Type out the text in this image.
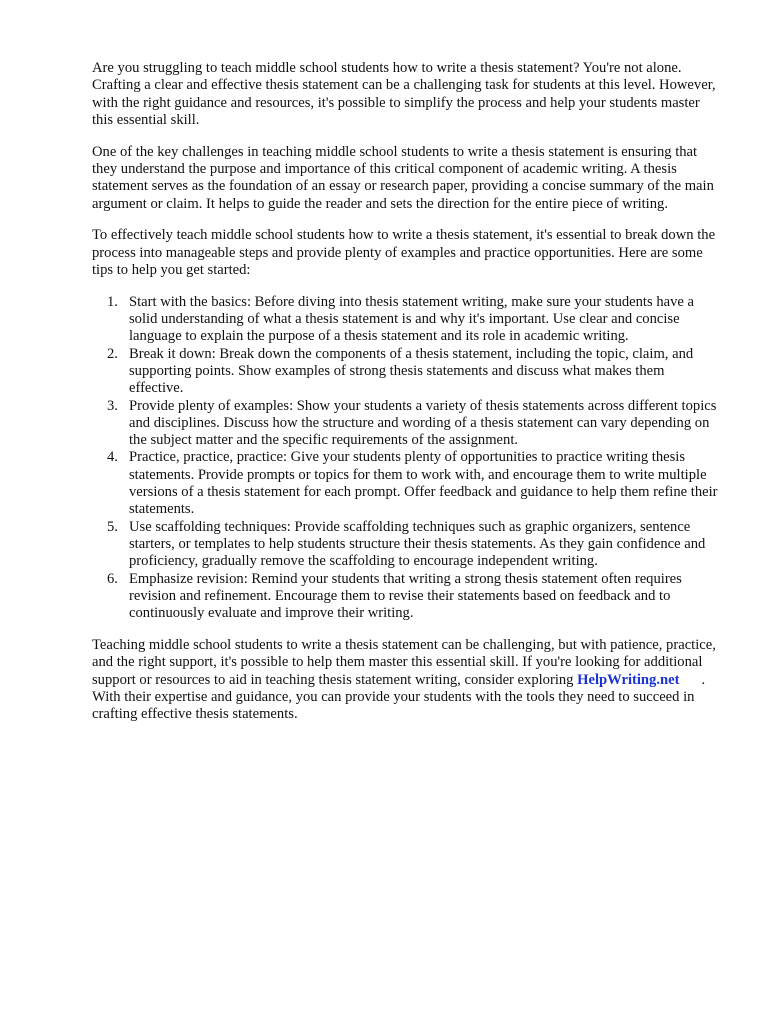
Are you struggling to teach middle school students how to write a thesis statement? You're not alone. Crafting a clear and effective thesis statement can be a challenging task for students at this level. However, with the right guidance and resources, it's possible to simplify the process and help your students master this essential skill.

One of the key challenges in teaching middle school students to write a thesis statement is ensuring that they understand the purpose and importance of this critical component of academic writing. A thesis statement serves as the foundation of an essay or research paper, providing a concise summary of the main argument or claim. It helps to guide the reader and sets the direction for the entire piece of writing.

To effectively teach middle school students how to write a thesis statement, it's essential to break down the process into manageable steps and provide plenty of examples and practice opportunities. Here are some tips to help you get started:

1. Start with the basics: Before diving into thesis statement writing, make sure your students have a solid understanding of what a thesis statement is and why it's important. Use clear and concise language to explain the purpose of a thesis statement and its role in academic writing.
2. Break it down: Break down the components of a thesis statement, including the topic, claim, and supporting points. Show examples of strong thesis statements and discuss what makes them effective.
3. Provide plenty of examples: Show your students a variety of thesis statements across different topics and disciplines. Discuss how the structure and wording of a thesis statement can vary depending on the subject matter and the specific requirements of the assignment.
4. Practice, practice, practice: Give your students plenty of opportunities to practice writing thesis statements. Provide prompts or topics for them to work with, and encourage them to write multiple versions of a thesis statement for each prompt. Offer feedback and guidance to help them refine their statements.
5. Use scaffolding techniques: Provide scaffolding techniques such as graphic organizers, sentence starters, or templates to help students structure their thesis statements. As they gain confidence and proficiency, gradually remove the scaffolding to encourage independent writing.
6. Emphasize revision: Remind your students that writing a strong thesis statement often requires revision and refinement. Encourage them to revise their statements based on feedback and to continuously evaluate and improve their writing.

Teaching middle school students to write a thesis statement can be challenging, but with patience, practice, and the right support, it's possible to help them master this essential skill. If you're looking for additional support or resources to aid in teaching thesis statement writing, consider exploring HelpWriting.net . With their expertise and guidance, you can provide your students with the tools they need to succeed in crafting effective thesis statements.
